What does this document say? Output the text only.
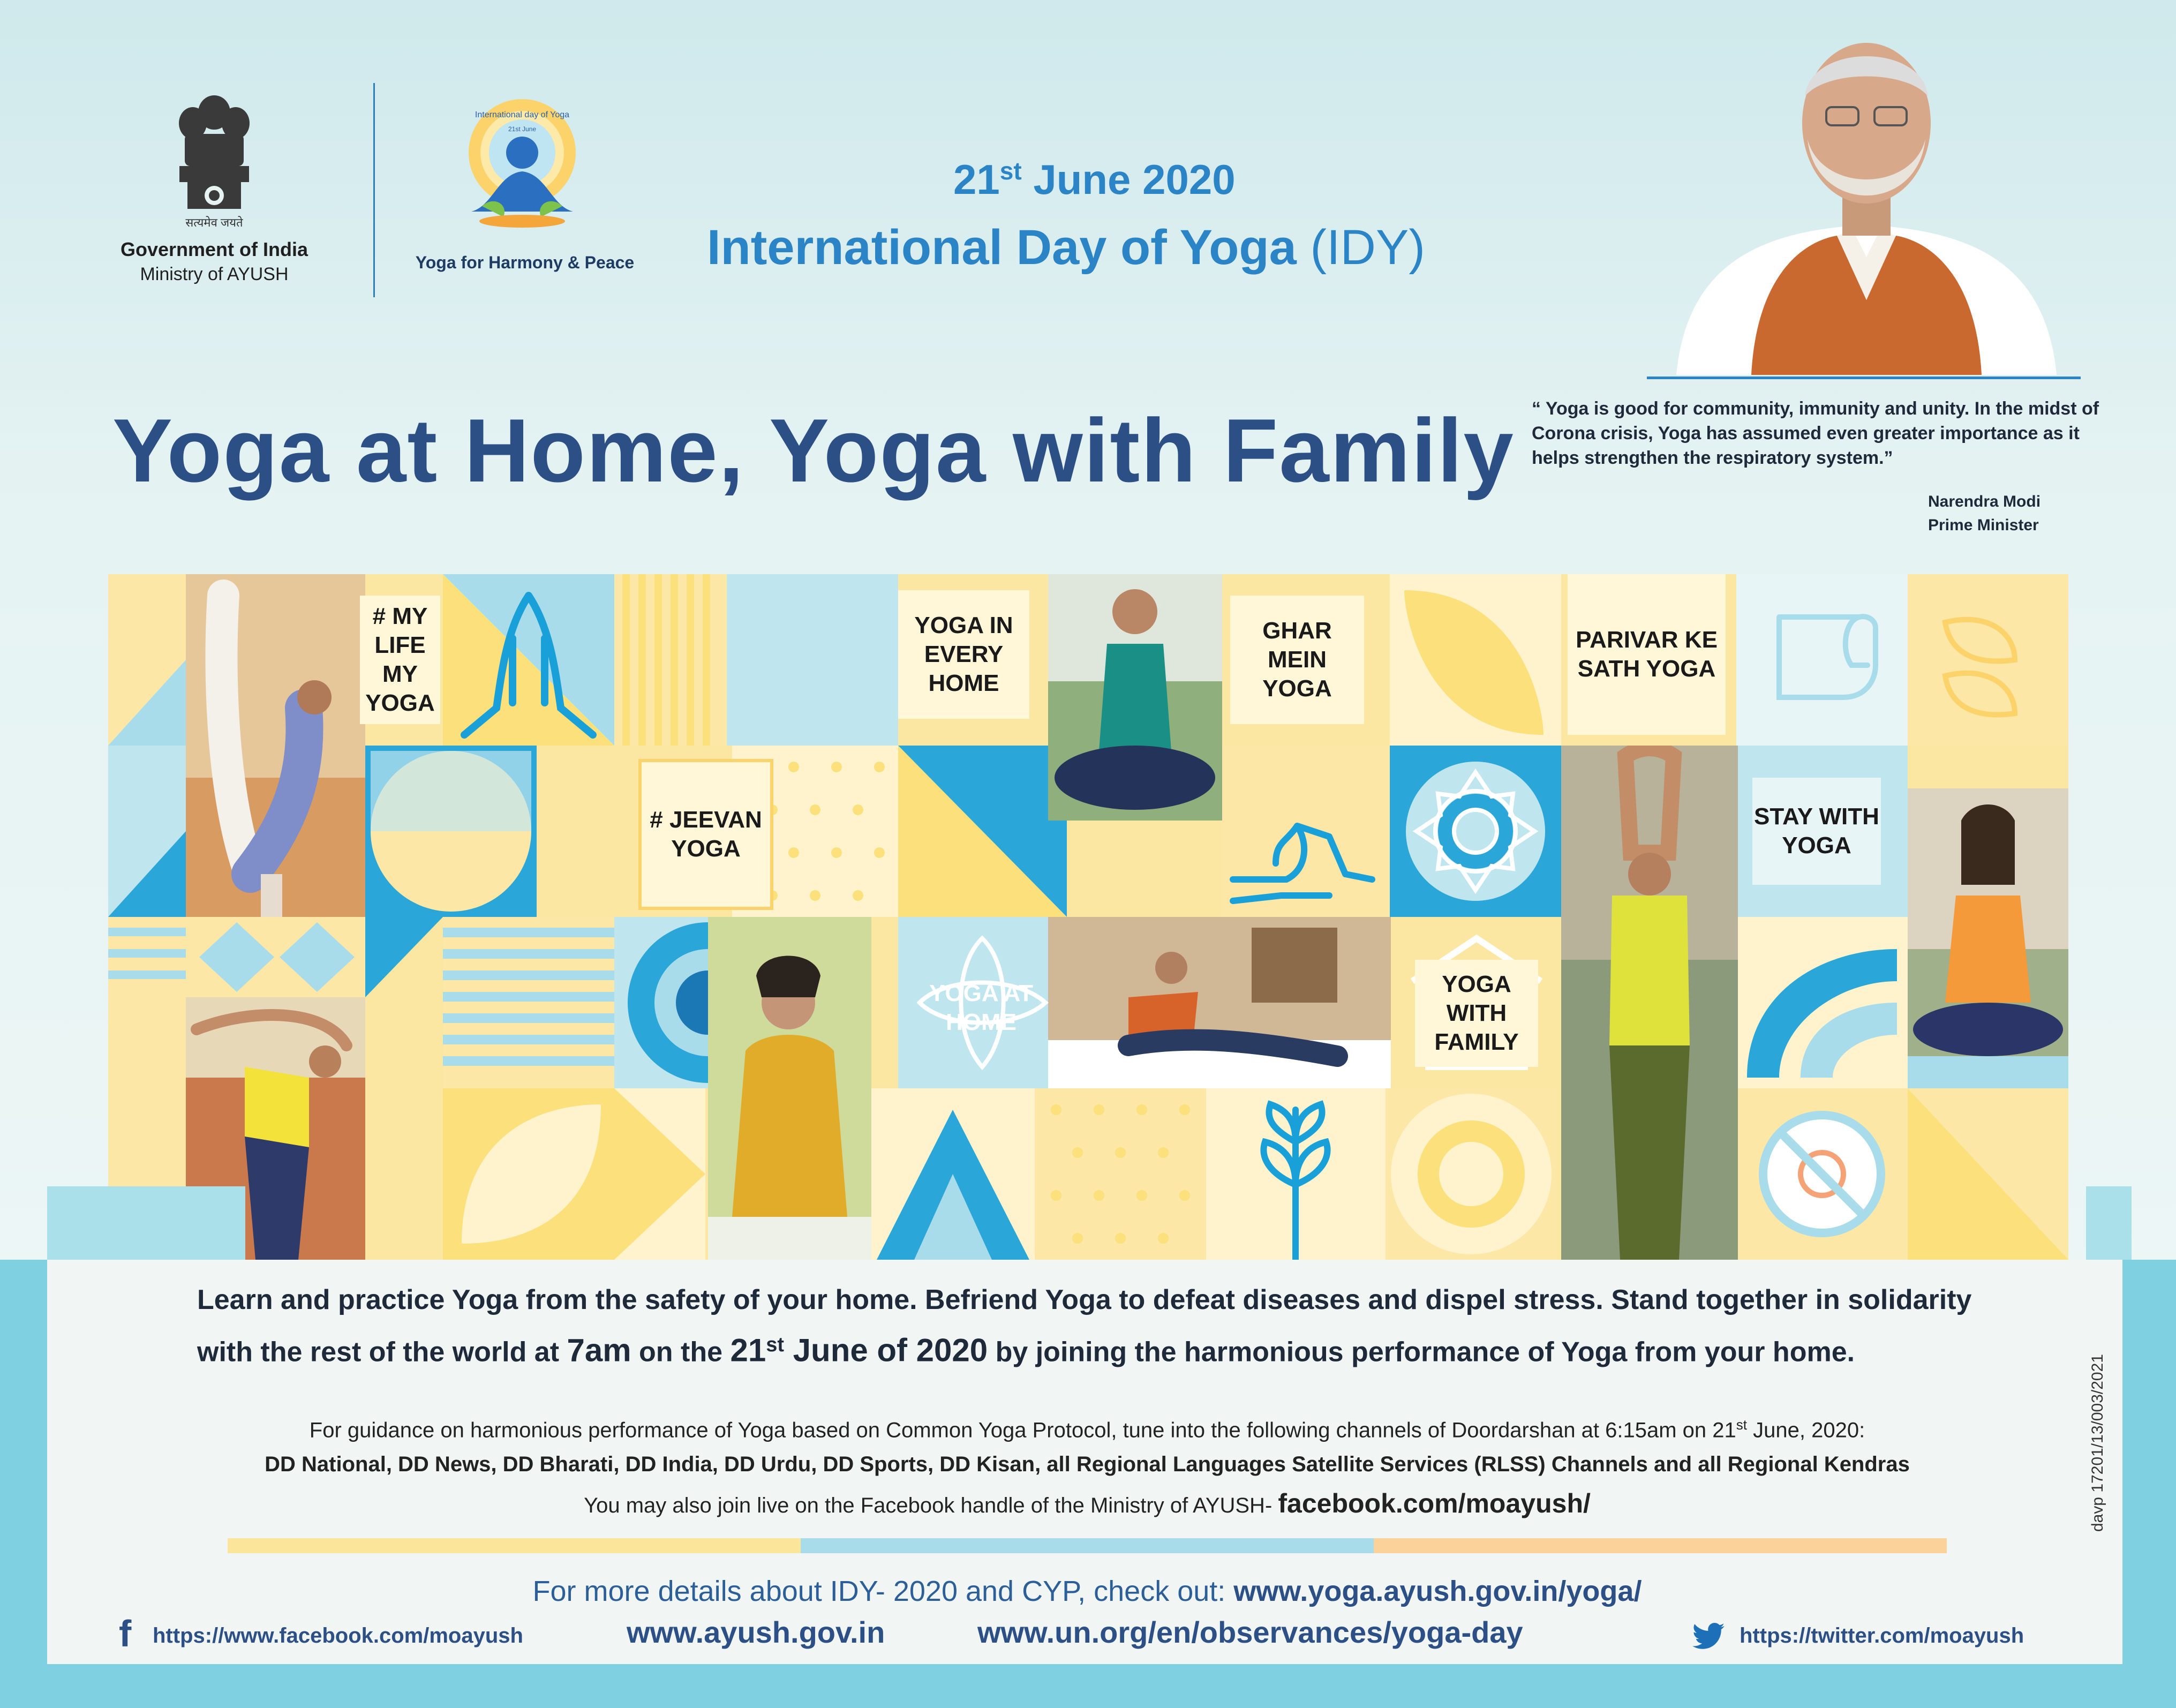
सत्यमेव जयते
Government of India
Ministry of AYUSH
International day of Yoga
21st June
Yoga for Harmony & Peace
21st June 2020
International Day of Yoga (IDY)
“ Yoga is good for community, immunity and unity. In the midst of Corona crisis, Yoga has assumed even greater importance as it helps strengthen the respiratory system.”
Narendra Modi
Prime Minister
Yoga at Home, Yoga with Family
# MY LIFE MY YOGA
YOGA IN EVERY HOME
GHAR MEIN YOGA
PARIVAR KE SATH YOGA
# JEEVAN YOGA
STAY WITH YOGA
YOGA AT HOME
YOGA WITH FAMILY
Learn and practice Yoga from the safety of your home. Befriend Yoga to defeat diseases and dispel stress. Stand together in solidarity with the rest of the world at 7am on the 21st June of 2020 by joining the harmonious performance of Yoga from your home.
For guidance on harmonious performance of Yoga based on Common Yoga Protocol, tune into the following channels of Doordarshan at 6:15am on 21st June, 2020:
DD National, DD News, DD Bharati, DD India, DD Urdu, DD Sports, DD Kisan, all Regional Languages Satellite Services (RLSS) Channels and all Regional Kendras
You may also join live on the Facebook handle of the Ministry of AYUSH- facebook.com/moayush/
For more details about IDY- 2020 and CYP, check out: www.yoga.ayush.gov.in/yoga/
f https://www.facebook.com/moayush	www.ayush.gov.in	www.un.org/en/observances/yoga-day	https://twitter.com/moayush
davp 17201/13/003/2021
